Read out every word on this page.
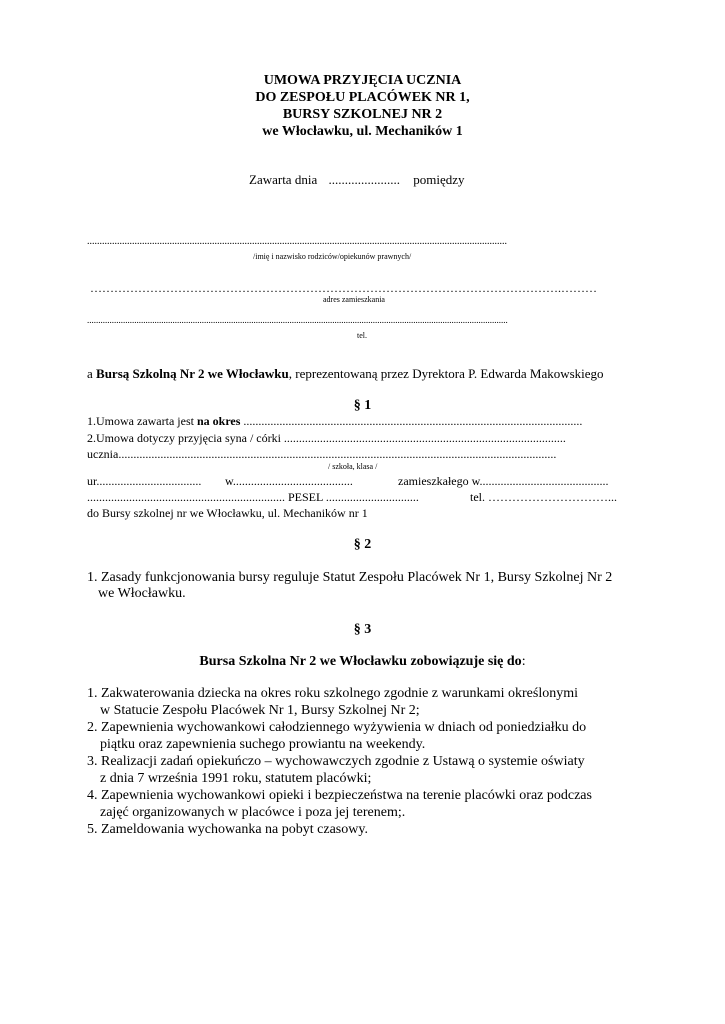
UMOWA PRZYJĘCIA UCZNIA
DO ZESPOŁU PLACÓWEK NR 1,
BURSY SZKOLNEJ NR 2
we Włocławku, ul. Mechaników 1
Zawarta dnia ...................... pomiędzy
........................................................................................................................................................................
/imię i nazwisko rodziców/opiekunów prawnych/
……………………………………………………………………………………………………….………
adres zamieszkania
...........................................................................................................................................................................................
tel.
a Bursą Szkolną Nr 2 we Włocławku, reprezentowaną przez Dyrektora P. Edwarda Makowskiego
§ 1
1.Umowa zawarta jest na okres .................................................................................................................
2.Umowa dotyczy przyjęcia syna / córki ..............................................................................................
ucznia..................................................................................................................................................
/ szkoła, klasa /
ur................................... w........................................	zamieszkałego w...........................................
.................................................................. PESEL ...............................	tel. …………………………...
do Bursy szkolnej nr we Włocławku, ul. Mechaników nr 1
§ 2
1. Zasady funkcjonowania bursy reguluje Statut Zespołu Placówek Nr 1, Bursy Szkolnej Nr 2
we Włocławku.
§ 3
Bursa Szkolna Nr 2 we Włocławku zobowiązuje się do:
1. Zakwaterowania dziecka na okres roku szkolnego zgodnie z warunkami określonymi
w Statucie Zespołu Placówek Nr 1, Bursy Szkolnej Nr 2;
2. Zapewnienia wychowankowi całodziennego wyżywienia w dniach od poniedziałku do
piątku oraz zapewnienia suchego prowiantu na weekendy.
3. Realizacji zadań opiekuńczo – wychowawczych zgodnie z Ustawą o systemie oświaty
z dnia 7 września 1991 roku, statutem placówki;
4. Zapewnienia wychowankowi opieki i bezpieczeństwa na terenie placówki oraz podczas
zajęć organizowanych w placówce i poza jej terenem;.
5. Zameldowania wychowanka na pobyt czasowy.
